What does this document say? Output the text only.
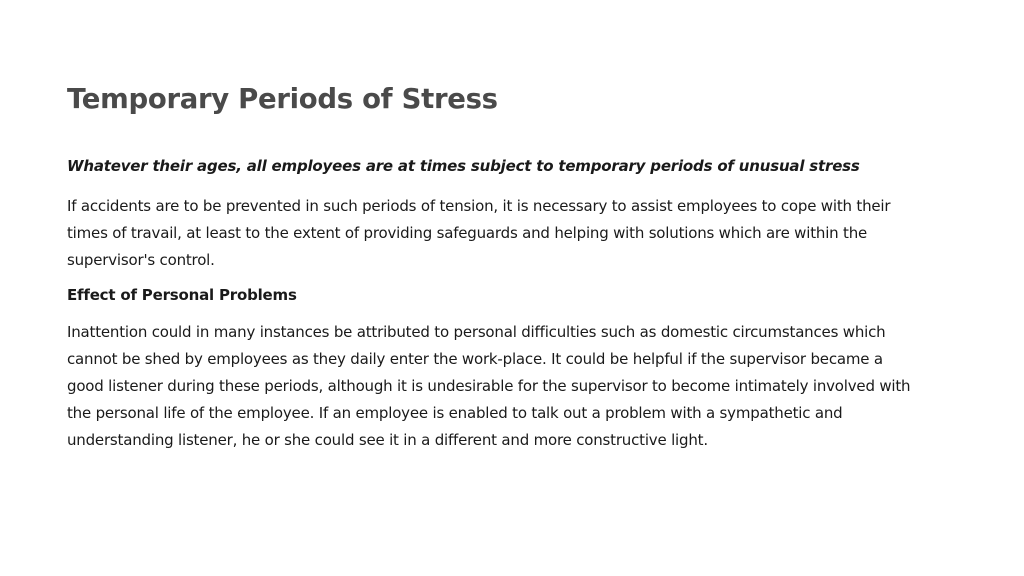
Temporary Periods of Stress

Whatever their ages, all employees are at times subject to temporary periods of unusual stress

If accidents are to be prevented in such periods of tension, it is necessary to assist employees to cope with their times of travail, at least to the extent of providing safeguards and helping with solutions which are within the supervisor's control.

Effect of Personal Problems

Inattention could in many instances be attributed to personal difficulties such as domestic circumstances which cannot be shed by employees as they daily enter the work-place. It could be helpful if the supervisor became a good listener during these periods, although it is undesirable for the supervisor to become intimately involved with the personal life of the employee. If an employee is enabled to talk out a problem with a sympathetic and understanding listener, he or she could see it in a different and more constructive light.
